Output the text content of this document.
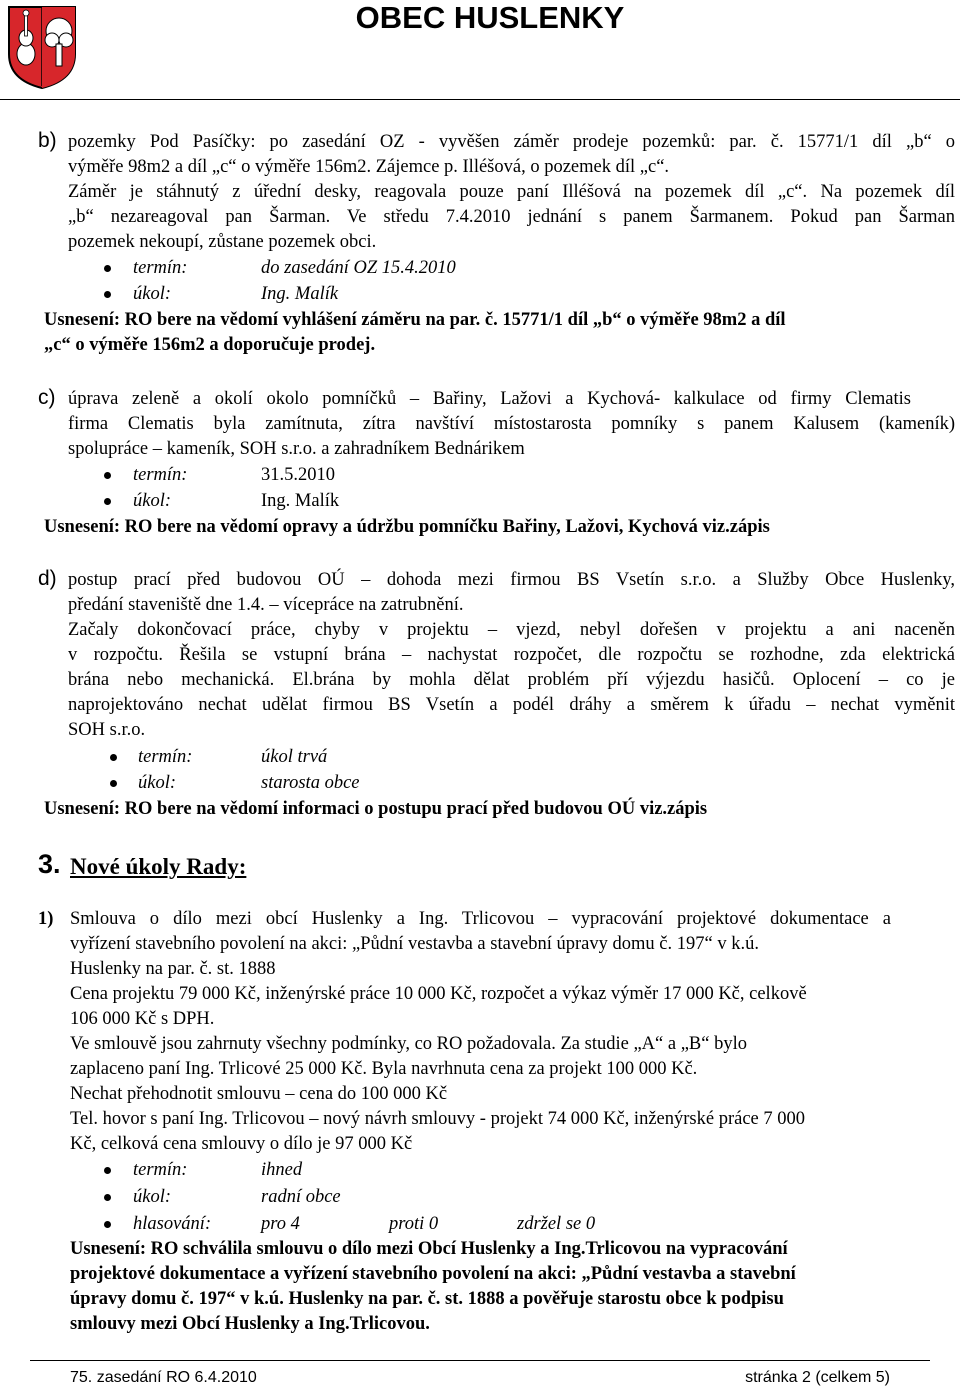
OBEC HUSLENKY
b) pozemky Pod Pasíčky: po zasedání OZ - vyvěšen záměr prodeje pozemků: par. č. 15771/1 díl „b“ o
výměře 98m2 a díl „c“ o výměře 156m2. Zájemce p. Illéšová, o pozemek díl „c“.
Záměr je stáhnutý z úřední desky, reagovala pouze paní Illéšová na pozemek díl „c“. Na pozemek díl
„b“ nezareagoval pan Šarman. Ve středu 7.4.2010 jednání s panem Šarmanem. Pokud pan Šarman
pozemek nekoupí, zůstane pozemek obci.
termín:	do zasedání OZ 15.4.2010
úkol:	Ing. Malík
Usnesení: RO bere na vědomí vyhlášení záměru na par. č. 15771/1 díl „b“ o výměře 98m2 a díl
„c“ o výměře 156m2 a doporučuje prodej.
c) úprava zeleně a okolí okolo pomníčků – Bařiny, Lažovi a Kychová- kalkulace od firmy Clematis
firma Clematis byla zamítnuta, zítra navštíví místostarosta pomníky s panem Kalusem (kameník)
spolupráce – kameník, SOH s.r.o. a zahradníkem Bednárikem
termín:	31.5.2010
úkol:	Ing. Malík
Usnesení: RO bere na vědomí opravy a údržbu pomníčku Bařiny, Lažovi, Kychová viz.zápis
d) postup prací před budovou OÚ – dohoda mezi firmou BS Vsetín s.r.o. a Služby Obce Huslenky,
předání staveniště dne 1.4. – vícepráce na zatrubnění.
Začaly dokončovací práce, chyby v projektu – vjezd, nebyl dořešen v projektu a ani naceněn
v rozpočtu. Řešila se vstupní brána – nachystat rozpočet, dle rozpočtu se rozhodne, zda elektrická
brána nebo mechanická. El.brána by mohla dělat problém pří výjezdu hasičů. Oplocení – co je
naprojektováno nechat udělat firmou BS Vsetín a podél dráhy a směrem k úřadu – nechat vyměnit
SOH s.r.o.
termín:	úkol trvá
úkol:	starosta obce
Usnesení: RO bere na vědomí informaci o postupu prací před budovou OÚ viz.zápis
3. Nové úkoly Rady:
1) Smlouva o dílo mezi obcí Huslenky a Ing. Trlicovou – vypracování projektové dokumentace a
vyřízení stavebního povolení na akci: „Půdní vestavba a stavební úpravy domu č. 197“ v k.ú.
Huslenky na par. č. st. 1888
Cena projektu 79 000 Kč, inženýrské práce 10 000 Kč, rozpočet a výkaz výměr 17 000 Kč, celkově
106 000 Kč s DPH.
Ve smlouvě jsou zahrnuty všechny podmínky, co RO požadovala. Za studie „A“ a „B“ bylo
zaplaceno paní Ing. Trlicové 25 000 Kč. Byla navrhnuta cena za projekt 100 000 Kč.
Nechat přehodnotit smlouvu – cena do 100 000 Kč
Tel. hovor s paní Ing. Trlicovou – nový návrh smlouvy - projekt 74 000 Kč, inženýrské práce 7 000
Kč, celková cena smlouvy o dílo je 97 000 Kč
termín:	ihned
úkol:	radní obce
hlasování:	pro 4	proti 0	zdržel se 0
Usnesení: RO schválila smlouvu o dílo mezi Obcí Huslenky a Ing.Trlicovou na vypracování
projektové dokumentace a vyřízení stavebního povolení na akci: „Půdní vestavba a stavební
úpravy domu č. 197“ v k.ú. Huslenky na par. č. st. 1888 a pověřuje starostu obce k podpisu
smlouvy mezi Obcí Huslenky a Ing.Trlicovou.
75. zasedání RO 6.4.2010	stránka 2 (celkem 5)
